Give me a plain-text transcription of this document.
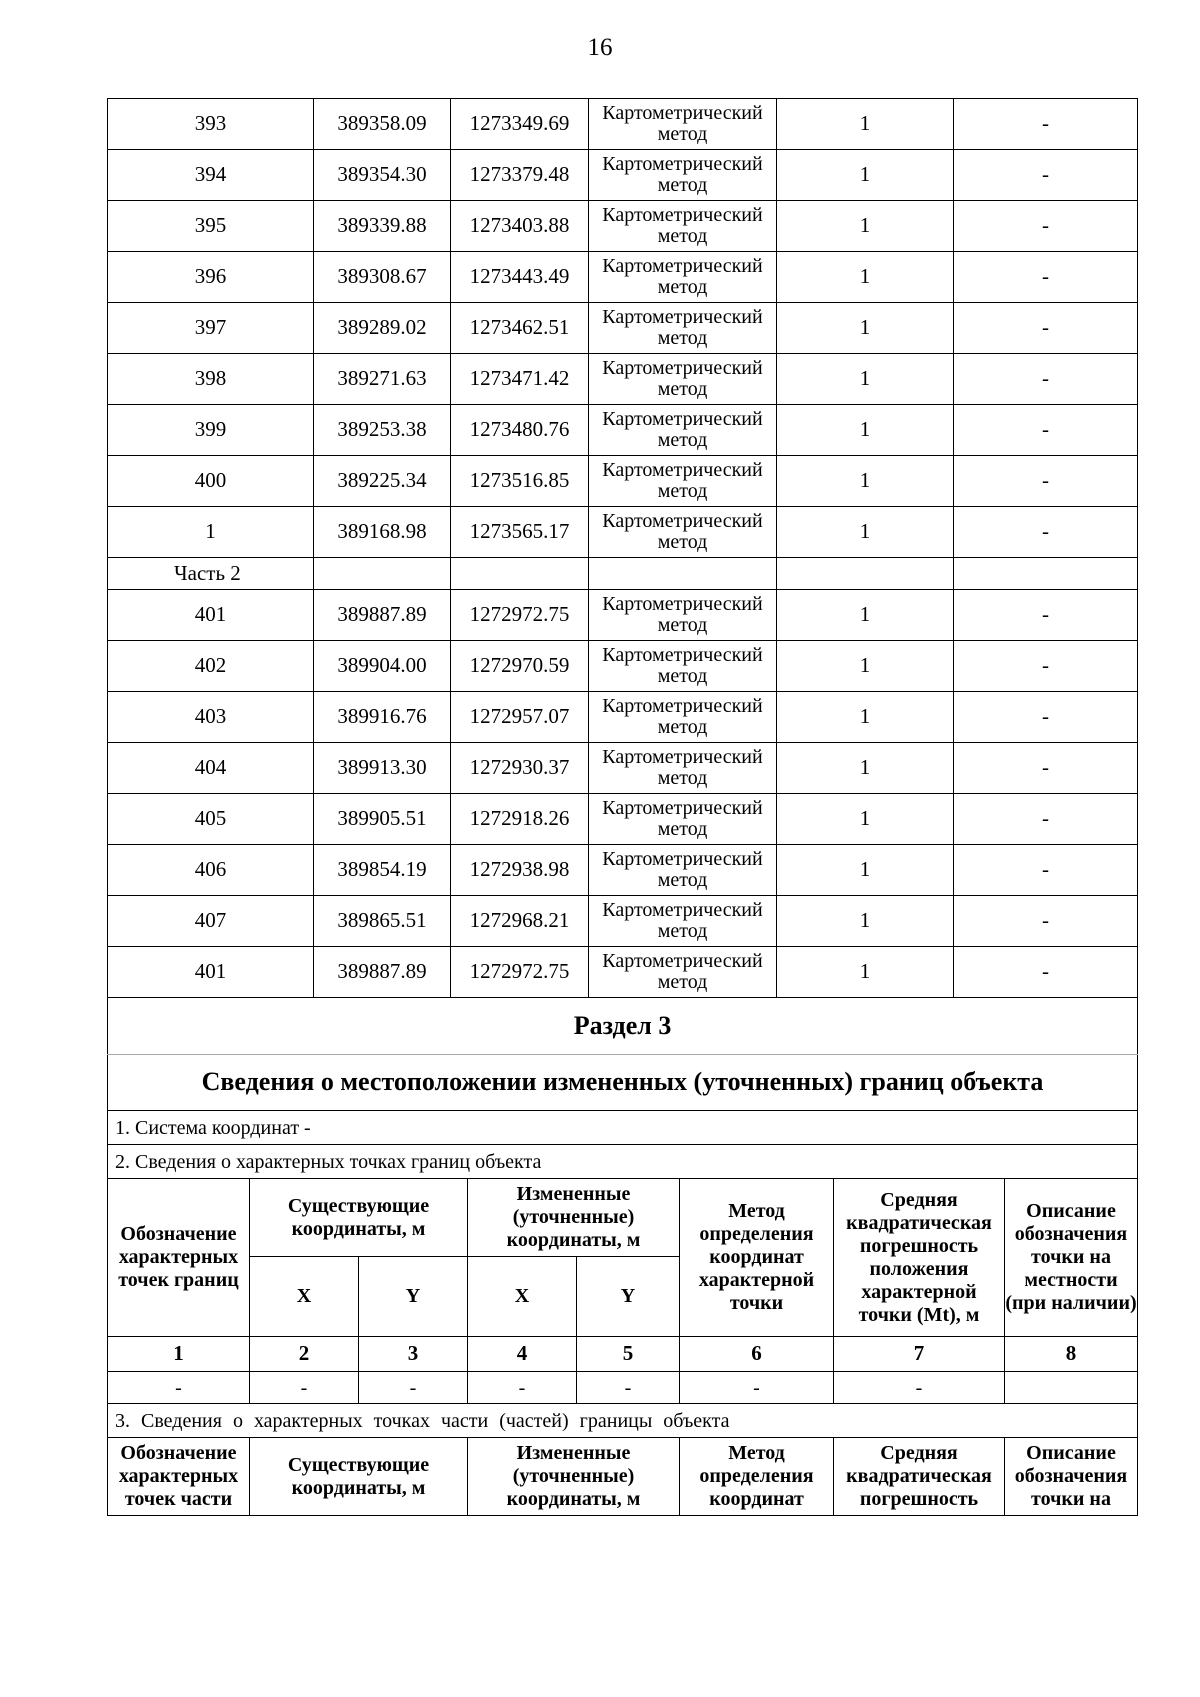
16
393	389358.09	1273349.69	Картометрический метод	1	-
394	389354.30	1273379.48	Картометрический метод	1	-
395	389339.88	1273403.88	Картометрический метод	1	-
396	389308.67	1273443.49	Картометрический метод	1	-
397	389289.02	1273462.51	Картометрический метод	1	-
398	389271.63	1273471.42	Картометрический метод	1	-
399	389253.38	1273480.76	Картометрический метод	1	-
400	389225.34	1273516.85	Картометрический метод	1	-
1	389168.98	1273565.17	Картометрический метод	1	-
Часть 2					
401	389887.89	1272972.75	Картометрический метод	1	-
402	389904.00	1272970.59	Картометрический метод	1	-
403	389916.76	1272957.07	Картометрический метод	1	-
404	389913.30	1272930.37	Картометрический метод	1	-
405	389905.51	1272918.26	Картометрический метод	1	-
406	389854.19	1272938.98	Картометрический метод	1	-
407	389865.51	1272968.21	Картометрический метод	1	-
401	389887.89	1272972.75	Картометрический метод	1	-
Раздел 3							
Сведения о местоположении измененных (уточненных) границ объекта							
1. Система координат -							
2. Сведения о характерных точках границ объекта							
Обозначение характерных точек границ	Существующие координаты, м		Измененные (уточненные) координаты, м		Метод определения координат характерной точки	Средняя квадратическая погрешность положения характерной точки (Mt), м	Описание обозначения точки на местности (при наличии)
	X	Y	X	Y			
1	2	3	4	5	6	7	8
-	-	-	-	-	-	-	
3. Сведения о характерных точках части (частей) границы объекта							
Обозначение характерных точек части	Существующие координаты, м		Измененные (уточненные) координаты, м		Метод определения координат	Средняя квадратическая погрешность	Описание обозначения точки на
